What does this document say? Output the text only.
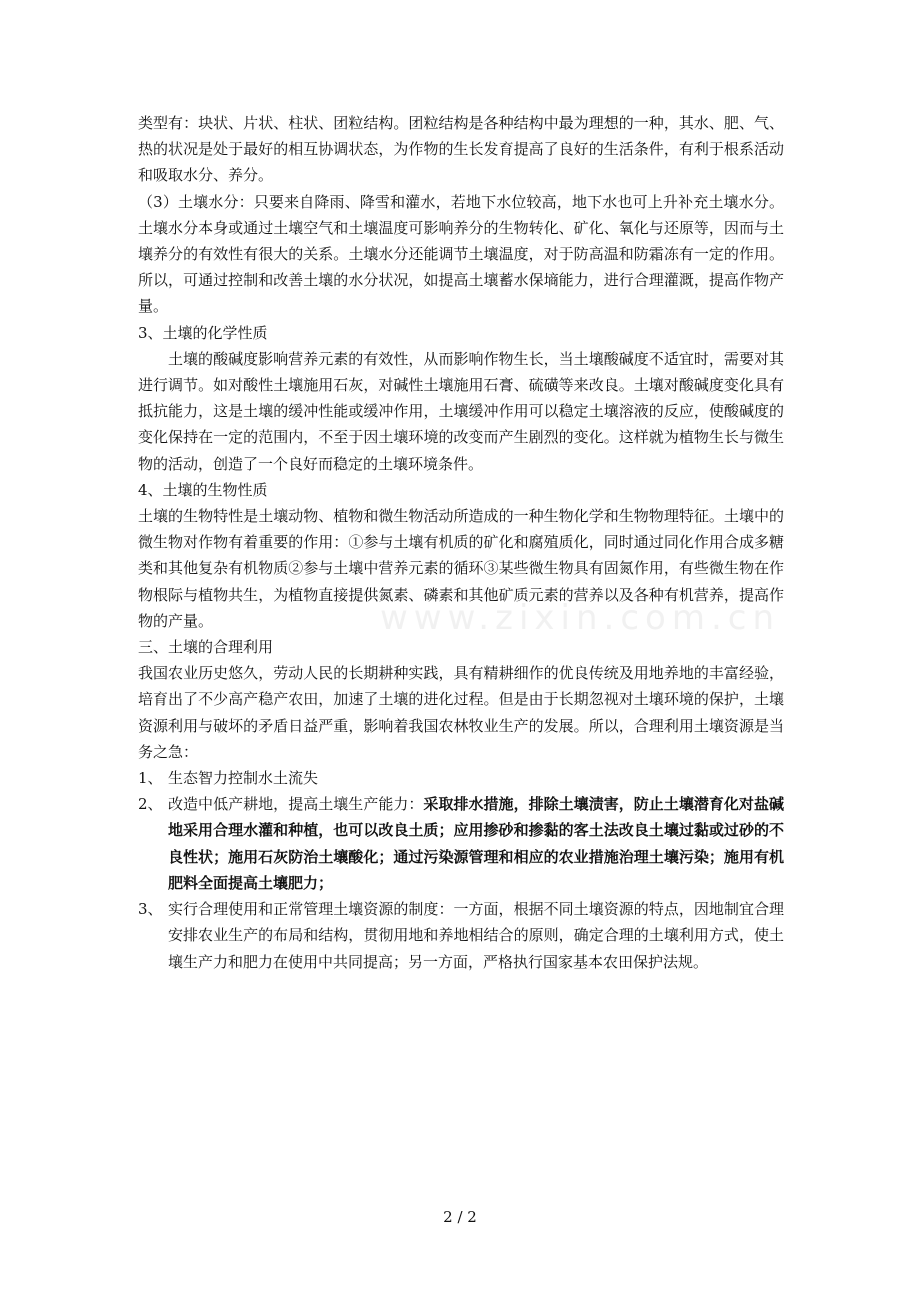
www.zixin.com.cn

类型有：块状、片状、柱状、团粒结构。团粒结构是各种结构中最为理想的一种，其水、肥、气、热的状况是处于最好的相互协调状态，为作物的生长发育提高了良好的生活条件，有利于根系活动和吸取水分、养分。

（3）土壤水分：只要来自降雨、降雪和灌水，若地下水位较高，地下水也可上升补充土壤水分。土壤水分本身或通过土壤空气和土壤温度可影响养分的生物转化、矿化、氧化与还原等，因而与土壤养分的有效性有很大的关系。土壤水分还能调节土壤温度，对于防高温和防霜冻有一定的作用。所以，可通过控制和改善土壤的水分状况，如提高土壤蓄水保墒能力，进行合理灌溉，提高作物产量。

3、土壤的化学性质

土壤的酸碱度影响营养元素的有效性，从而影响作物生长，当土壤酸碱度不适宜时，需要对其进行调节。如对酸性土壤施用石灰，对碱性土壤施用石膏、硫磺等来改良。土壤对酸碱度变化具有抵抗能力，这是土壤的缓冲性能或缓冲作用，土壤缓冲作用可以稳定土壤溶液的反应，使酸碱度的变化保持在一定的范围内，不至于因土壤环境的改变而产生剧烈的变化。这样就为植物生长与微生物的活动，创造了一个良好而稳定的土壤环境条件。

4、土壤的生物性质

土壤的生物特性是土壤动物、植物和微生物活动所造成的一种生物化学和生物物理特征。土壤中的微生物对作物有着重要的作用：①参与土壤有机质的矿化和腐殖质化，同时通过同化作用合成多糖类和其他复杂有机物质②参与土壤中营养元素的循环③某些微生物具有固氮作用，有些微生物在作物根际与植物共生，为植物直接提供氮素、磷素和其他矿质元素的营养以及各种有机营养，提高作物的产量。

三、土壤的合理利用

我国农业历史悠久，劳动人民的长期耕种实践，具有精耕细作的优良传统及用地养地的丰富经验，培育出了不少高产稳产农田，加速了土壤的进化过程。但是由于长期忽视对土壤环境的保护，土壤资源利用与破坏的矛盾日益严重，影响着我国农林牧业生产的发展。所以，合理利用土壤资源是当务之急：

1、 生态智力控制水土流失
2、 改造中低产耕地，提高土壤生产能力：采取排水措施，排除土壤渍害，防止土壤潜育化对盐碱地采用合理水灌和种植，也可以改良土质；应用掺砂和掺黏的客土法改良土壤过黏或过砂的不良性状；施用石灰防治土壤酸化；通过污染源管理和相应的农业措施治理土壤污染；施用有机肥料全面提高土壤肥力；
3、 实行合理使用和正常管理土壤资源的制度：一方面，根据不同土壤资源的特点，因地制宜合理安排农业生产的布局和结构，贯彻用地和养地相结合的原则，确定合理的土壤利用方式，使土壤生产力和肥力在使用中共同提高；另一方面，严格执行国家基本农田保护法规。
2 / 2
